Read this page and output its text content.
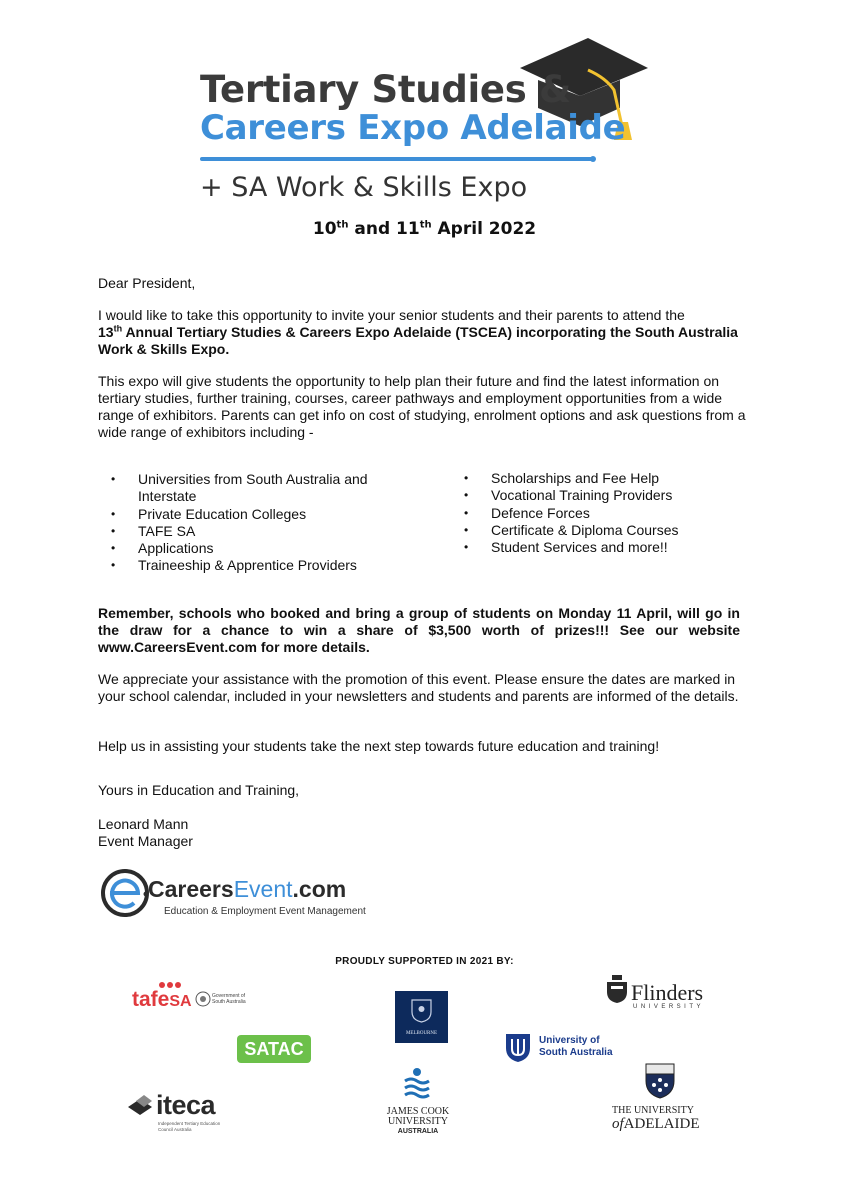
Tertiary Studies &
Careers Expo Adelaide
+ SA Work & Skills Expo
10th and 11th April 2022
Dear President,
I would like to take this opportunity to invite your senior students and their parents to attend the
13th Annual Tertiary Studies & Careers Expo Adelaide (TSCEA) incorporating the South Australia Work & Skills Expo.
This expo will give students the opportunity to help plan their future and find the latest information on tertiary studies, further training, courses, career pathways and employment opportunities from a wide range of exhibitors. Parents can get info on cost of studying, enrolment options and ask questions from a wide range of exhibitors including -
• Universities from South Australia and Interstate
• Private Education Colleges
• TAFE SA
• Applications
• Traineeship & Apprentice Providers
• Scholarships and Fee Help
• Vocational Training Providers
• Defence Forces
• Certificate & Diploma Courses
• Student Services and more!!
Remember, schools who booked and bring a group of students on Monday 11 April, will go in the draw for a chance to win a share of $3,500 worth of prizes!!! See our website www.CareersEvent.com for more details.
We appreciate your assistance with the promotion of this event. Please ensure the dates are marked in your school calendar, included in your newsletters and students and parents are informed of the details.
Help us in assisting your students take the next step towards future education and training!
Yours in Education and Training,
Leonard Mann
Event Manager
CareersEvent.com
Education & Employment Event Management
PROUDLY SUPPORTED IN 2021 BY:
tafeSA	Government of South Australia
SATAC
iteca
Independent Tertiary Education Council Australia
MELBOURNE
JAMES COOK
UNIVERSITY
AUSTRALIA
Flinders
UNIVERSITY
University of
South Australia
THE UNIVERSITY
ofADELAIDE
